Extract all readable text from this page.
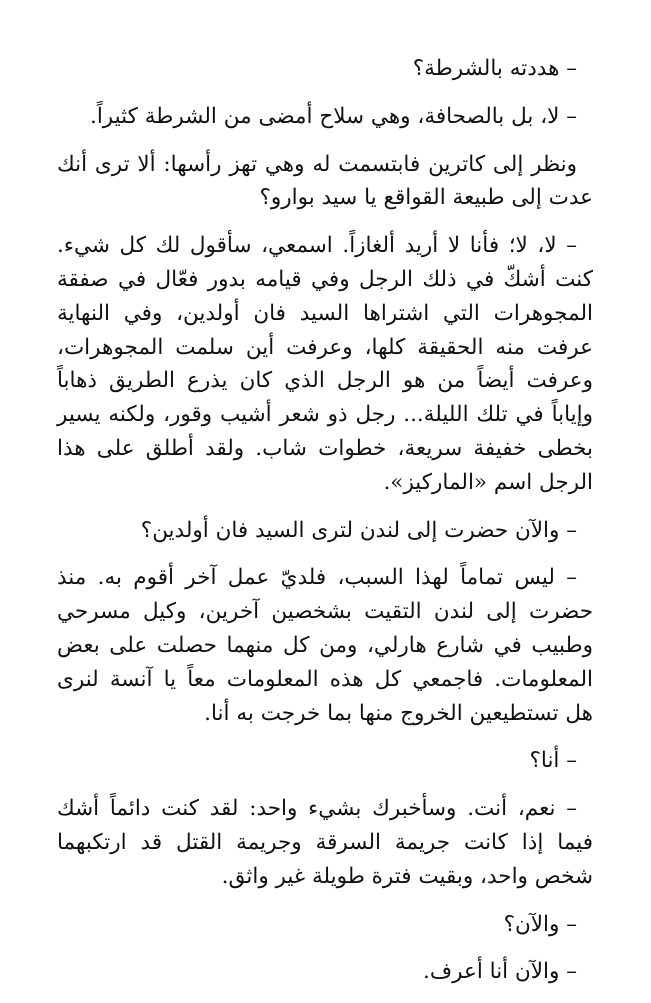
– هددته بالشرطة؟

– لا، بل بالصحافة، وهي سلاح أمضى من الشرطة كثيراً.

ونظر إلى كاترين فابتسمت له وهي تهز رأسها: ألا ترى أنك عدت إلى طبيعة القواقع يا سيد بوارو؟

– لا، لا؛ فأنا لا أريد ألغازاً. اسمعي، سأقول لك كل شيء. كنت أشكّ في ذلك الرجل وفي قيامه بدور فعّال في صفقة المجوهرات التي اشتراها السيد فان أولدين، وفي النهاية عرفت منه الحقيقة كلها، وعرفت أين سلمت المجوهرات، وعرفت أيضاً من هو الرجل الذي كان يذرع الطريق ذهاباً وإياباً في تلك الليلة... رجل ذو شعر أشيب وقور، ولكنه يسير بخطى خفيفة سريعة، خطوات شاب. ولقد أطلق على هذا الرجل اسم «الماركيز».

– والآن حضرت إلى لندن لترى السيد فان أولدين؟

– ليس تماماً لهذا السبب، فلديّ عمل آخر أقوم به. منذ حضرت إلى لندن التقيت بشخصين آخرين، وكيل مسرحي وطبيب في شارع هارلي، ومن كل منهما حصلت على بعض المعلومات. فاجمعي كل هذه المعلومات معاً يا آنسة لنرى هل تستطيعين الخروج منها بما خرجت به أنا.

– أنا؟

– نعم، أنت. وسأخبرك بشيء واحد: لقد كنت دائماً أشك فيما إذا كانت جريمة السرقة وجريمة القتل قد ارتكبهما شخص واحد، وبقيت فترة طويلة غير واثق.

– والآن؟

– والآن أنا أعرف.
